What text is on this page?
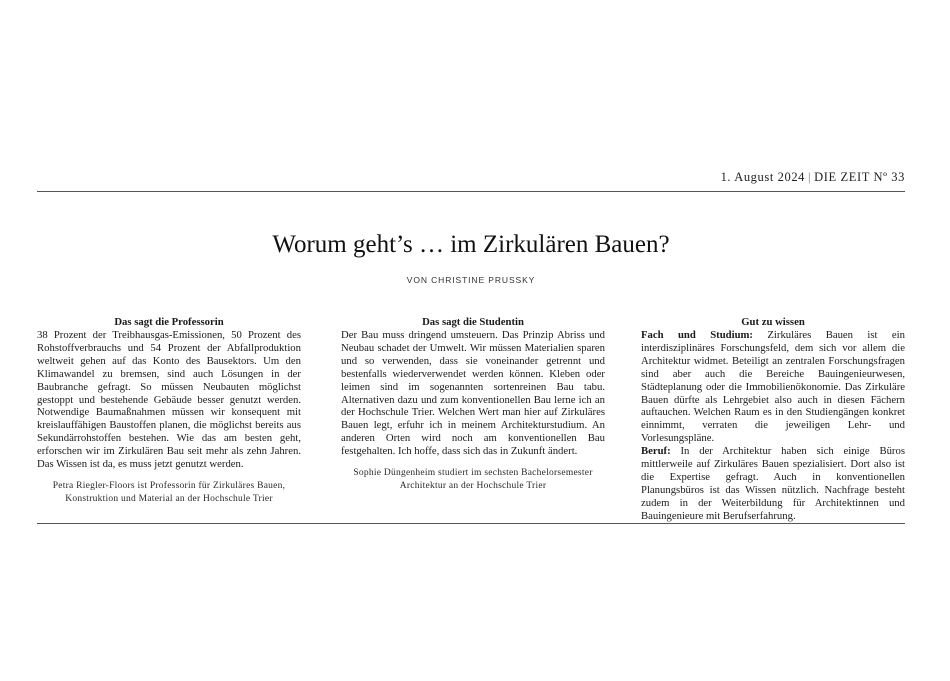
1. August 2024 | DIE ZEIT Nº 33
Worum geht’s … im Zirkulären Bauen?
VON CHRISTINE PRUSSKY
Das sagt die Professorin

38 Prozent der Treibhausgas-Emissionen, 50 Prozent des Rohstoffverbrauchs und 54 Prozent der Abfallproduktion weltweit gehen auf das Konto des Bausektors. Um den Klimawandel zu bremsen, sind auch Lösungen in der Baubranche gefragt. So müssen Neubauten möglichst gestoppt und bestehende Gebäude besser genutzt werden. Notwendige Baumaßnahmen müssen wir konsequent mit kreislauffähigen Baustoffen planen, die möglichst bereits aus Sekundärrohstoffen bestehen. Wie das am besten geht, erforschen wir im Zirkulären Bau seit mehr als zehn Jahren. Das Wissen ist da, es muss jetzt genutzt werden.

Petra Riegler-Floors ist Professorin für Zirkuläres Bauen, Konstruktion und Material an der Hochschule Trier
Das sagt die Studentin

Der Bau muss dringend umsteuern. Das Prinzip Abriss und Neubau schadet der Umwelt. Wir müssen Materialien sparen und so verwenden, dass sie voneinander getrennt und bestenfalls wiederverwendet werden können. Kleben oder leimen sind im sogenannten sortenreinen Bau tabu. Alternativen dazu und zum konventionellen Bau lerne ich an der Hochschule Trier. Welchen Wert man hier auf Zirkuläres Bauen legt, erfuhr ich in meinem Architekturstudium. An anderen Orten wird noch am konventionellen Bau festgehalten. Ich hoffe, dass sich das in Zukunft ändert.

Sophie Düngenheim studiert im sechsten Bachelorsemester Architektur an der Hochschule Trier
Gut zu wissen

Fach und Studium: Zirkuläres Bauen ist ein interdisziplinäres Forschungsfeld, dem sich vor allem die Architektur widmet. Beteiligt an zentralen Forschungsfragen sind aber auch die Bereiche Bauingenieurwesen, Städteplanung oder die Immobilienökonomie. Das Zirkuläre Bauen dürfte als Lehrgebiet also auch in diesen Fächern auftauchen. Welchen Raum es in den Studiengängen konkret einnimmt, verraten die jeweiligen Lehr- und Vorlesungspläne.

Beruf: In der Architektur haben sich einige Büros mittlerweile auf Zirkuläres Bauen spezialisiert. Dort also ist die Expertise gefragt. Auch in konventionellen Planungsbüros ist das Wissen nützlich. Nachfrage besteht zudem in der Weiterbildung für Architektinnen und Bauingenieure mit Berufserfahrung.
